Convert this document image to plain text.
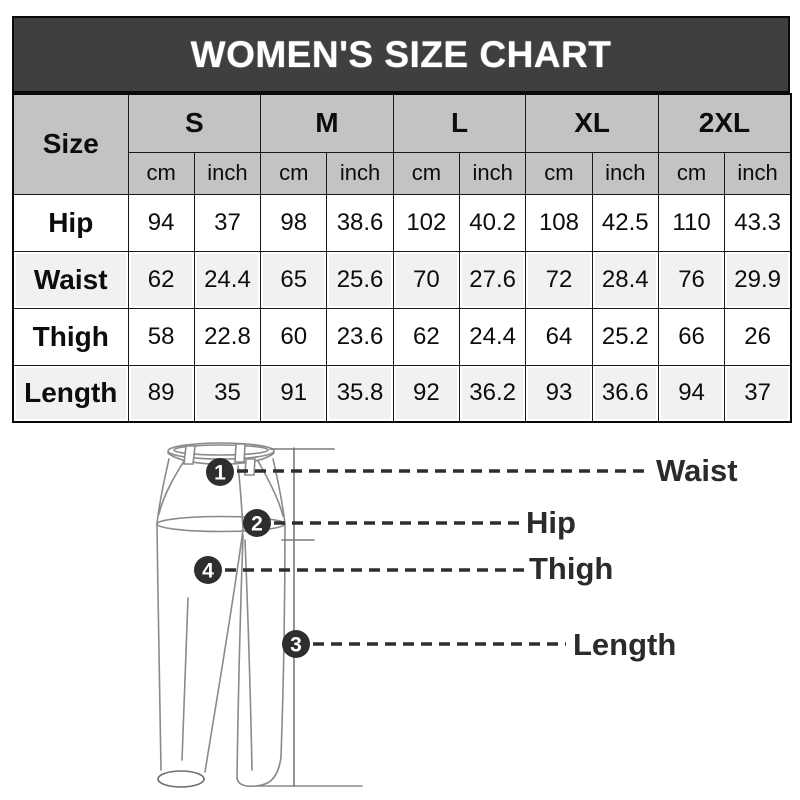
WOMEN'S SIZE CHART
Size	S		M		L		XL		2XL	
	cm	inch	cm	inch	cm	inch	cm	inch	cm	inch
Hip	94	37	98	38.6	102	40.2	108	42.5	110	43.3
Waist	62	24.4	65	25.6	70	27.6	72	28.4	76	29.9
Thigh	58	22.8	60	23.6	62	24.4	64	25.2	66	26
Length	89	35	91	35.8	92	36.2	93	36.6	94	37
1
2
4
3
Waist
Hip
Thigh
Length
